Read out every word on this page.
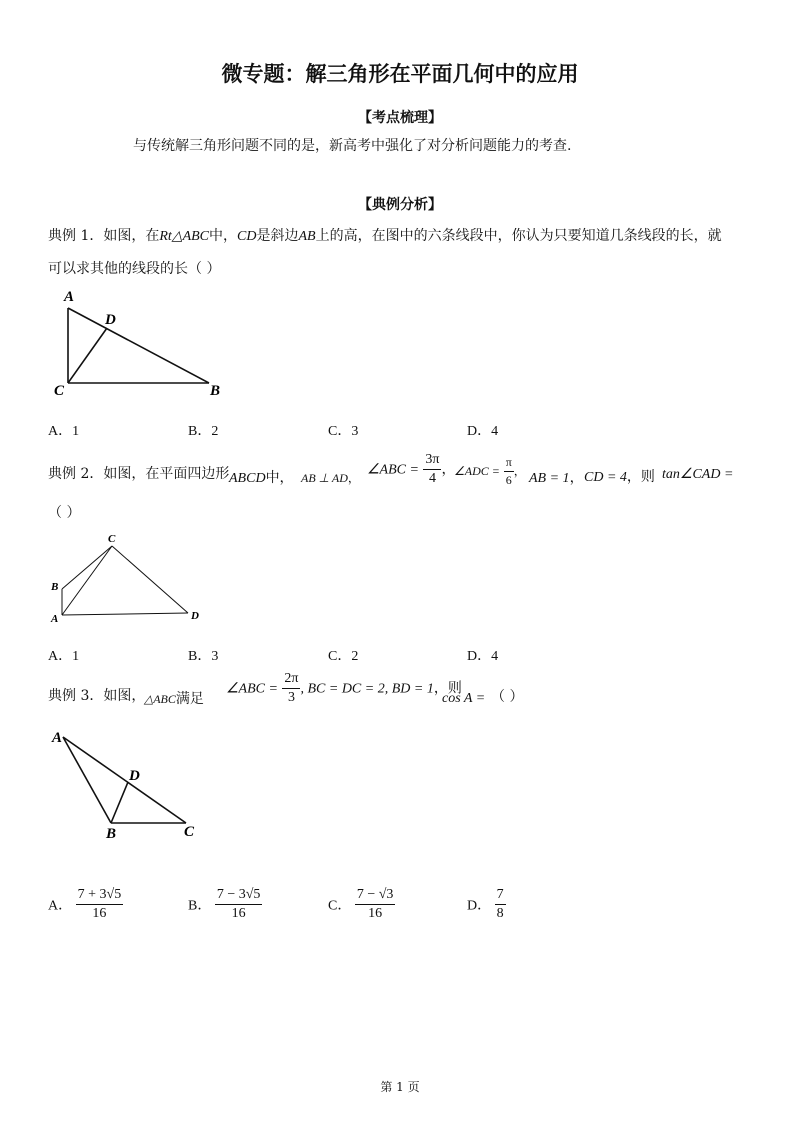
微专题：解三角形在平面几何中的应用
【考点梳理】
与传统解三角形问题不同的是，新高考中强化了对分析问题能力的考查.
【典例分析】
典例 1．如图，在Rt△ABC中，CD是斜边AB上的高，在图中的六条线段中，你认为只要知道几条线段的长，就
可以求其他的线段的长（ ）
A
D
C	B
A．1	B．2	C．3	D．4
典例 2．如图，在平面四边形 ABCD中， AB ⊥ AD，
∠ABC = $\frac{3\pi}{4}$ ，
∠ADC = $\frac{\pi}{6}$ ， AB = 1， CD = 4，则 tan∠CAD =
（ ）
C
B
A	D
A．1	B．3	C．2	D．4
典例 3．如图，
△ABC满足
∠ABC = $\frac{2\pi}{3}$ , BC = DC = 2, BD = 1，则
cos A = （ ）
A
D
B	C
A． $\frac{7 + 3√5}{16}$	B． $\frac{7 - 3√5}{16}$	C． $\frac{7 - √3}{16}$	D． $\frac{7}{8}$
第 1 页
